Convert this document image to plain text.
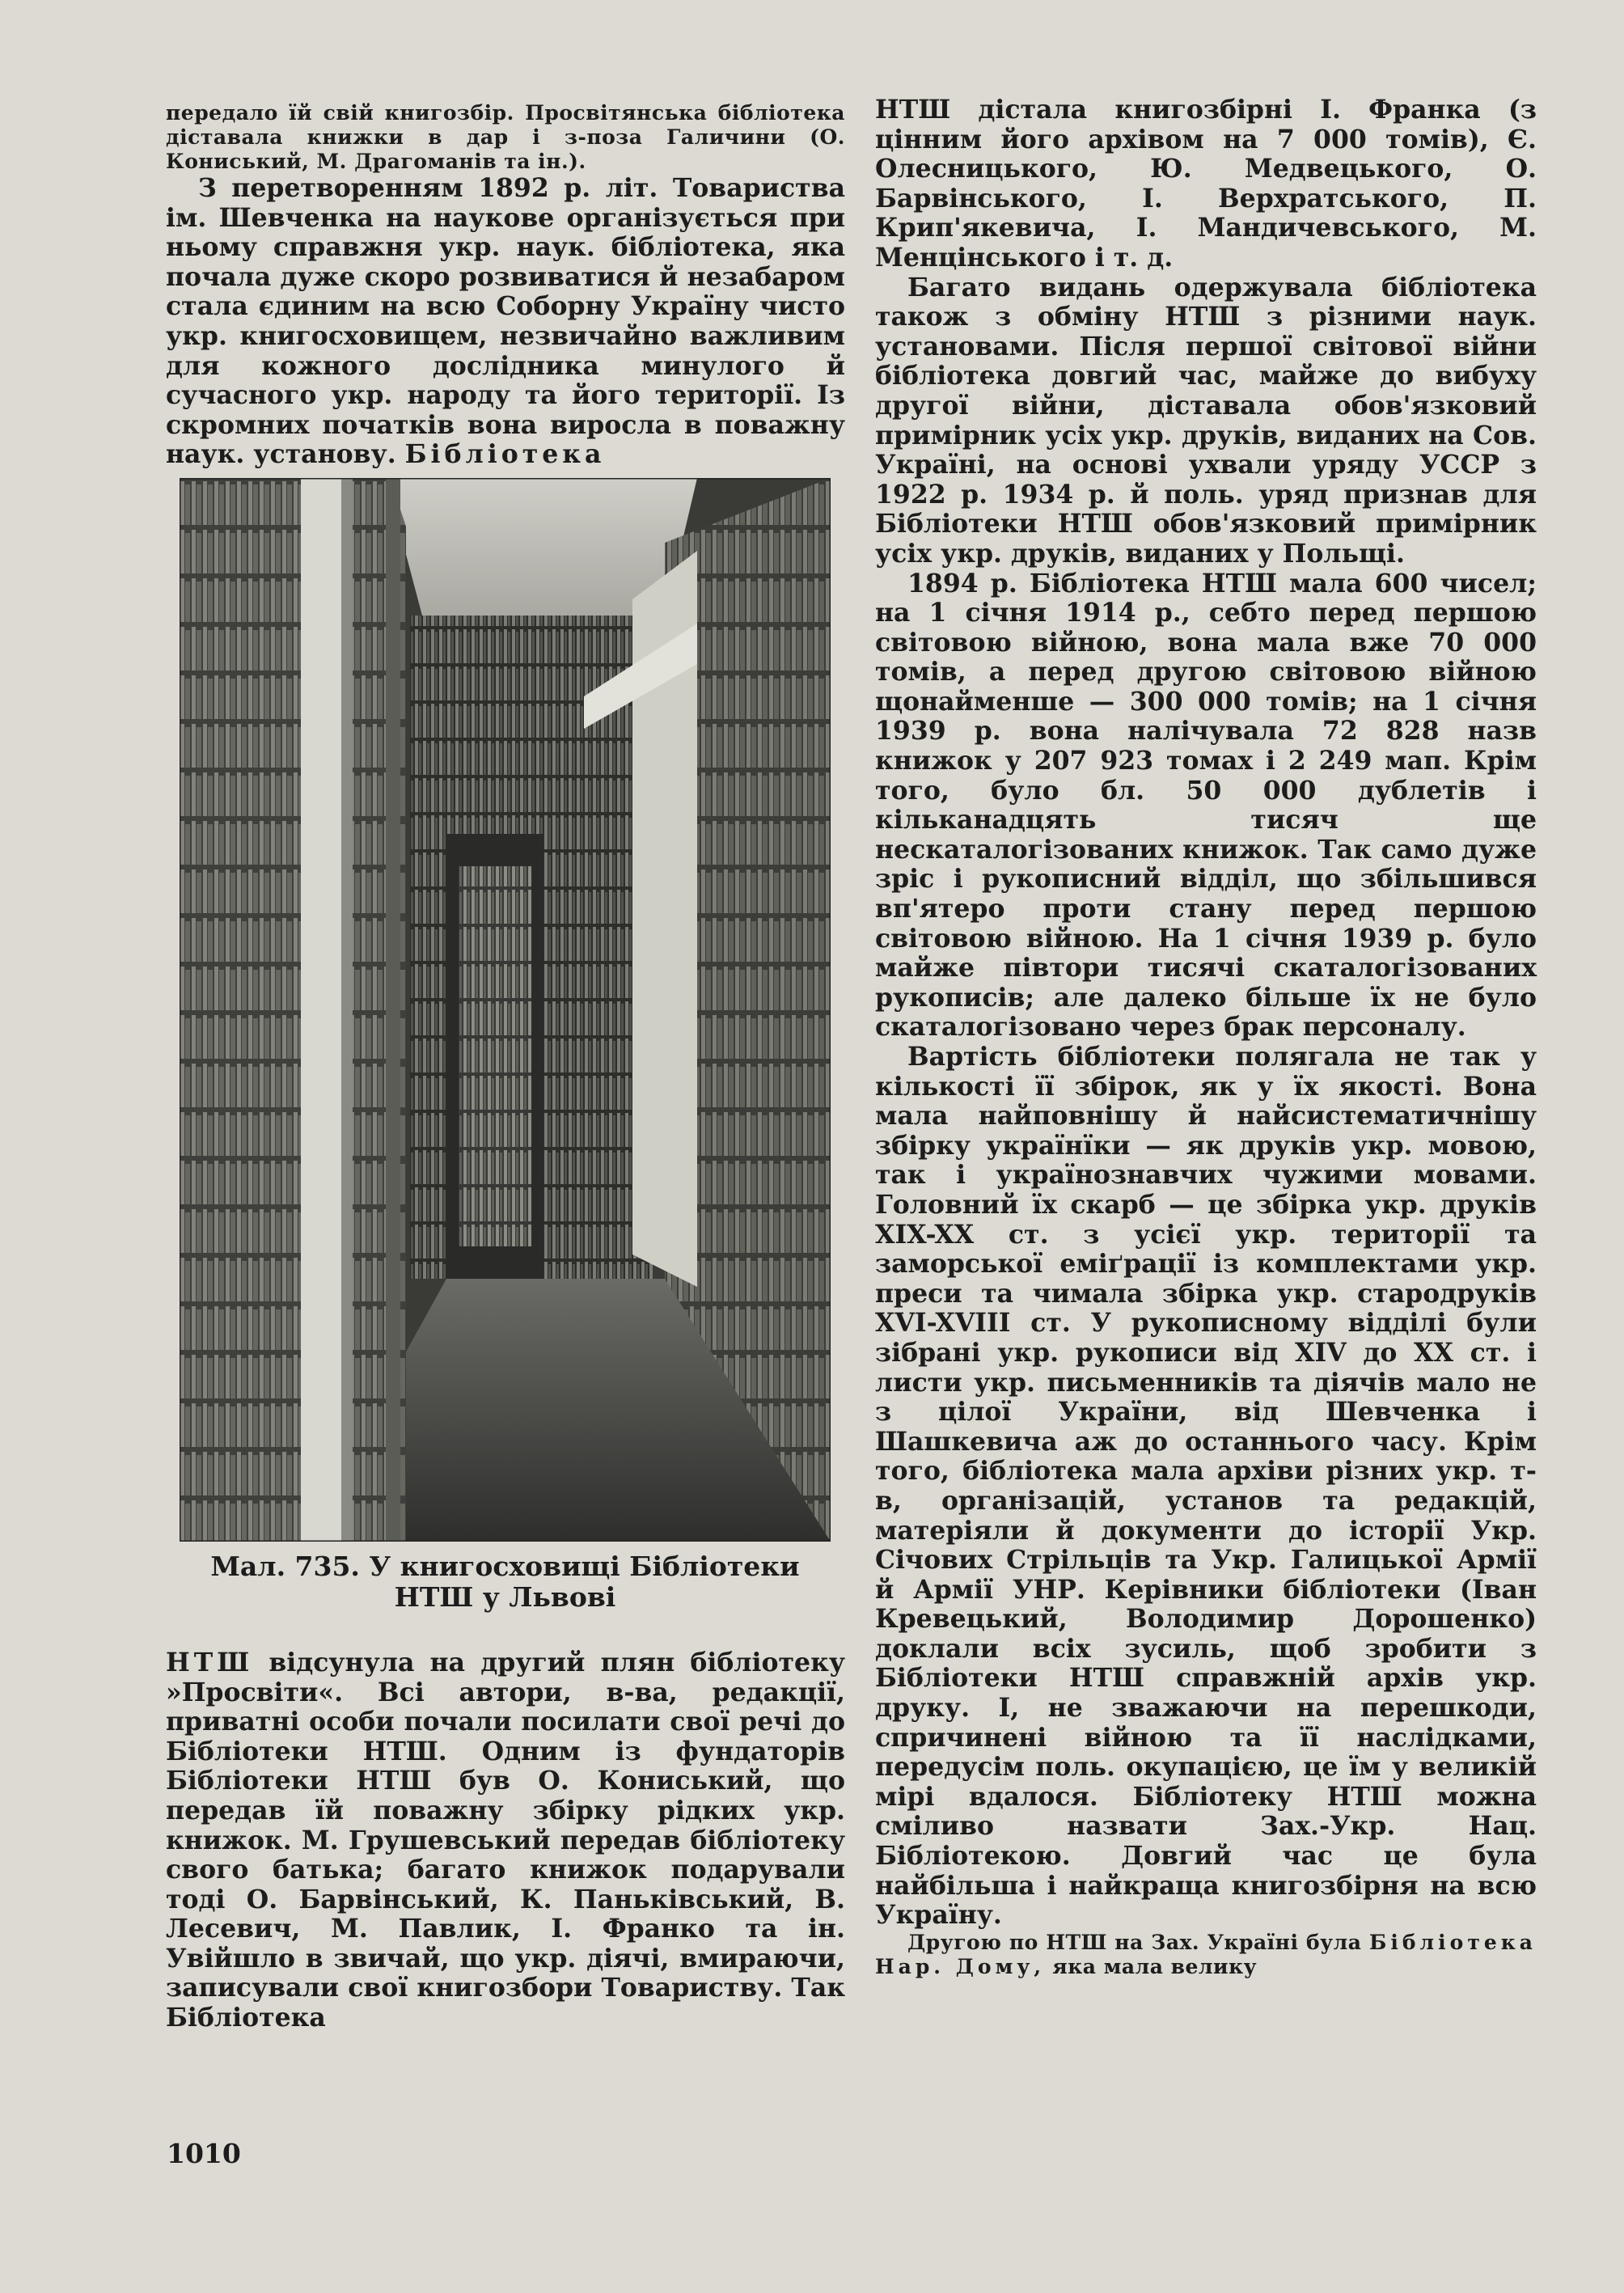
передало їй свій книгозбір. Просвітянська бібліотека діставала книжки в дар і з-поза Галичини (О. Кониський, М. Драгоманів та ін.).

З перетворенням 1892 р. літ. Товариства ім. Шевченка на наукове організується при ньому справжня укр. наук. бібліотека, яка почала дуже скоро розвиватися й незабаром стала єдиним на всю Соборну Україну чисто укр. книгосховищем, незвичайно важливим для кожного дослідника минулого й сучасного укр. народу та його території. Із скромних початків вона виросла в поважну наук. установу. Бібліотека

Мал. 735. У книгосховищі Бібліотеки НТШ у Львові

НТШ відсунула на другий плян бібліотеку »Просвіти«. Всі автори, в-ва, редакції, приватні особи почали посилати свої речі до Бібліотеки НТШ. Одним із фундаторів Бібліотеки НТШ був О. Кониський, що передав їй поважну збірку рідких укр. книжок. М. Грушевський передав бібліотеку свого батька; багато книжок подарували тоді О. Барвінський, К. Паньківський, В. Лесевич, М. Павлик, І. Франко та ін. Увійшло в звичай, що укр. діячі, вмираючи, записували свої книгозбори Товариству. Так Бібліотека

НТШ дістала книгозбірні І. Франка (з цінним його архівом на 7 000 томів), Є. Олесницького, Ю. Медвецького, О. Барвінського, І. Верхратського, П. Крип'якевича, І. Мандичевського, М. Менцінського і т. д.

Багато видань одержувала бібліотека також з обміну НТШ з різними наук. установами. Після першої світової війни бібліотека довгий час, майже до вибуху другої війни, діставала обов'язковий примірник усіх укр. друків, виданих на Сов. Україні, на основі ухвали уряду УССР з 1922 р. 1934 р. й поль. уряд признав для Бібліотеки НТШ обов'язковий примірник усіх укр. друків, виданих у Польщі.

1894 р. Бібліотека НТШ мала 600 чисел; на 1 січня 1914 р., себто перед першою світовою війною, вона мала вже 70 000 томів, а перед другою світовою війною щонайменше — 300 000 томів; на 1 січня 1939 р. вона налічувала 72 828 назв книжок у 207 923 томах і 2 249 мап. Крім того, було бл. 50 000 дублетів і кільканадцять тисяч ще нескаталогізованих книжок. Так само дуже зріс і рукописний відділ, що збільшився вп'ятеро проти стану перед першою світовою війною. На 1 січня 1939 р. було майже півтори тисячі скаталогізованих рукописів; але далеко більше їх не було скаталогізовано через брак персоналу.

Вартість бібліотеки полягала не так у кількості її збірок, як у їх якості. Вона мала найповнішу й найсистематичнішу збірку українїки — як друків укр. мовою, так і українознавчих чужими мовами. Головний їх скарб — це збірка укр. друків XIX-XX ст. з усієї укр. території та заморської еміґрації із комплектами укр. преси та чимала збірка укр. стародруків XVI-XVIII ст. У рукописному відділі були зібрані укр. рукописи від XIV до XX ст. і листи укр. письменників та діячів мало не з цілої України, від Шевченка і Шашкевича аж до останнього часу. Крім того, бібліотека мала архіви різних укр. т-в, організацій, установ та редакцій, матеріяли й документи до історії Укр. Січових Стрільців та Укр. Галицької Армії й Армії УНР. Керівники бібліотеки (Іван Кревецький, Володимир Дорошенко) доклали всіх зусиль, щоб зробити з Бібліотеки НТШ справжній архів укр. друку. І, не зважаючи на перешкоди, спричинені війною та її наслідками, передусім поль. окупацією, це їм у великій мірі вдалося. Бібліотеку НТШ можна сміливо назвати Зах.-Укр. Нац. Бібліотекою. Довгий час це була найбільша і найкраща книгозбірня на всю Україну.

Другою по НТШ на Зах. Україні була Бібліотека Нар. Дому, яка мала велику

1010
